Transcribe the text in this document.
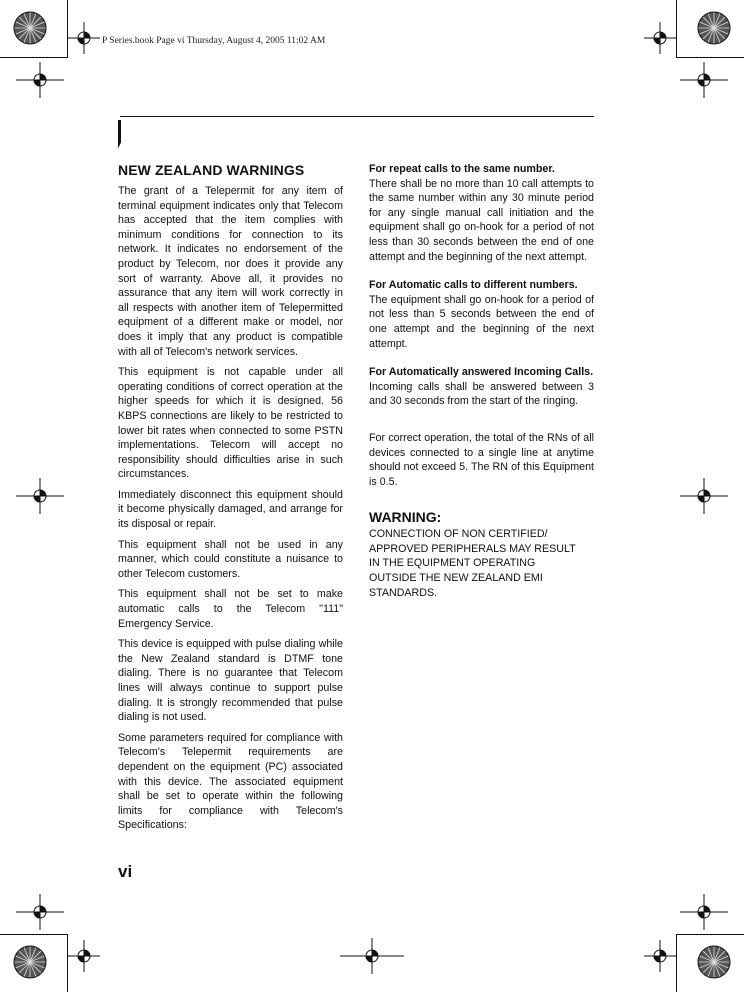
P Series.book Page vi Thursday, August 4, 2005 11:02 AM
NEW ZEALAND WARNINGS

The grant of a Telepermit for any item of terminal equipment indicates only that Telecom has accepted that the item complies with minimum conditions for connection to its network. It indicates no endorsement of the product by Telecom, nor does it provide any sort of warranty. Above all, it provides no assurance that any item will work correctly in all respects with another item of Telepermitted equipment of a different make or model, nor does it imply that any product is compatible with all of Telecom's network services.

This equipment is not capable under all operating conditions of correct operation at the higher speeds for which it is designed. 56 KBPS connections are likely to be restricted to lower bit rates when connected to some PSTN implementations. Telecom will accept no responsibility should difficulties arise in such circumstances.

Immediately disconnect this equipment should it become physically damaged, and arrange for its disposal or repair.

This equipment shall not be used in any manner, which could constitute a nuisance to other Telecom customers.

This equipment shall not be set to make automatic calls to the Telecom "111" Emergency Service.

This device is equipped with pulse dialing while the New Zealand standard is DTMF tone dialing. There is no guarantee that Telecom lines will always continue to support pulse dialing. It is strongly recommended that pulse dialing is not used.

Some parameters required for compliance with Telecom's Telepermit requirements are dependent on the equipment (PC) associated with this device. The associated equipment shall be set to operate within the following limits for compliance with Telecom's Specifications:

For repeat calls to the same number.

There shall be no more than 10 call attempts to the same number within any 30 minute period for any single manual call initiation and the equipment shall go on-hook for a period of not less than 30 seconds between the end of one attempt and the beginning of the next attempt.

For Automatic calls to different numbers.

The equipment shall go on-hook for a period of not less than 5 seconds between the end of one attempt and the beginning of the next attempt.

For Automatically answered Incoming Calls.

Incoming calls shall be answered between 3 and 30 seconds from the start of the ringing.

For correct operation, the total of the RNs of all devices connected to a single line at anytime should not exceed 5. The RN of this Equipment is 0.5.

WARNING:
CONNECTION OF NON CERTIFIED/
APPROVED PERIPHERALS MAY RESULT
IN THE EQUIPMENT OPERATING
OUTSIDE THE NEW ZEALAND EMI
STANDARDS.
vi
